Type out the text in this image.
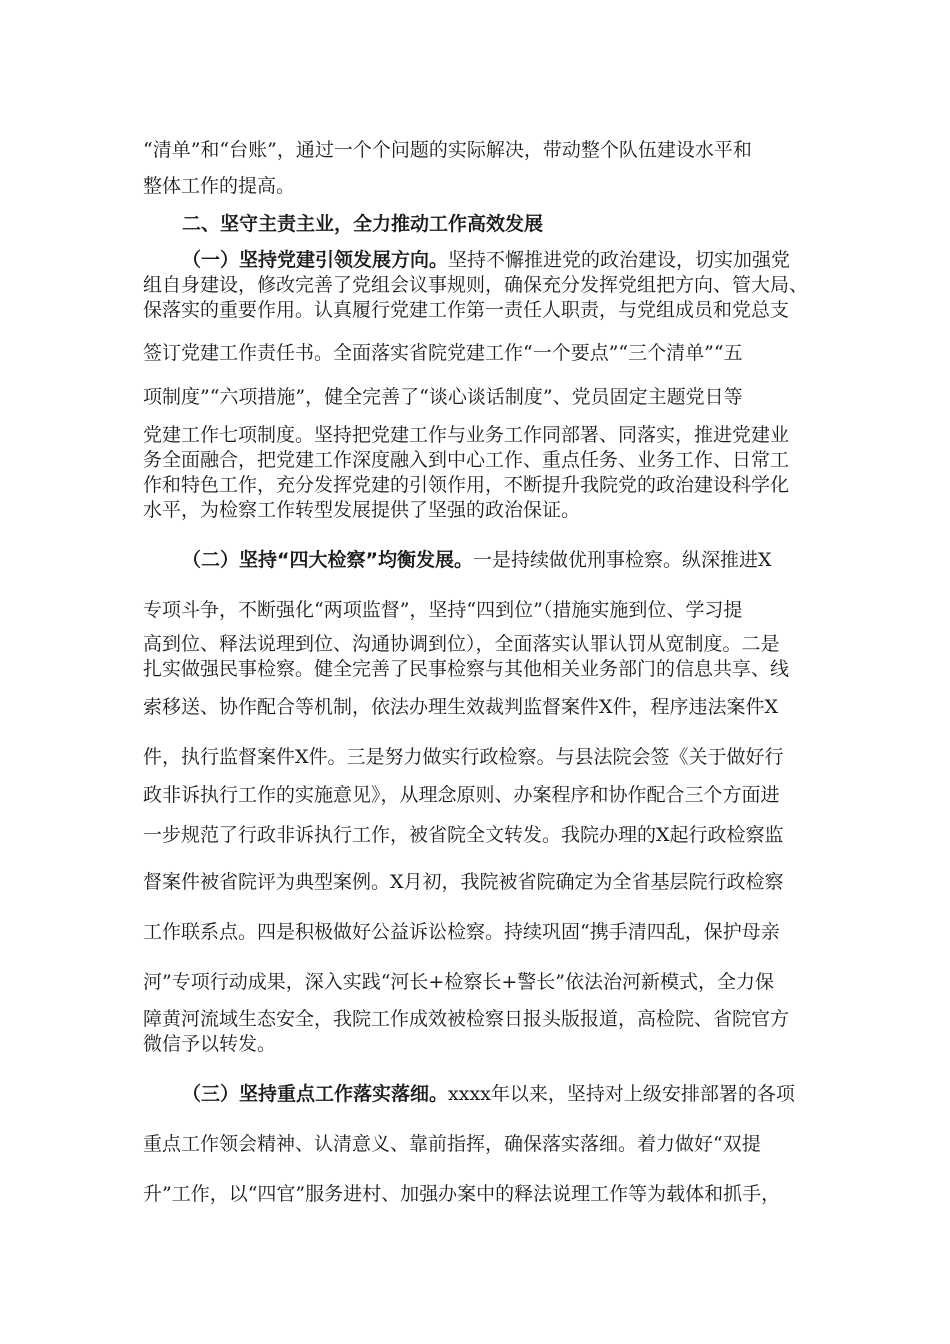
“清单”和“台账”，通过一个个问题的实际解决，带动整个队伍建设水平和
整体工作的提高。
二、坚守主责主业，全力推动工作高效发展
（一）坚持党建引领发展方向。坚持不懈推进党的政治建设，切实加强党
组自身建设，修改完善了党组会议事规则，确保充分发挥党组把方向、管大局、
保落实的重要作用。认真履行党建工作第一责任人职责，与党组成员和党总支
签订党建工作责任书。全面落实省院党建工作“一个要点”“三个清单”“五
项制度”“六项措施”，健全完善了“谈心谈话制度”、党员固定主题党日等
党建工作七项制度。坚持把党建工作与业务工作同部署、同落实，推进党建业
务全面融合，把党建工作深度融入到中心工作、重点任务、业务工作、日常工
作和特色工作，充分发挥党建的引领作用，不断提升我院党的政治建设科学化
水平，为检察工作转型发展提供了坚强的政治保证。
（二）坚持“四大检察”均衡发展。一是持续做优刑事检察。纵深推进X
专项斗争，不断强化“两项监督”，坚持“四到位”（措施实施到位、学习提
高到位、释法说理到位、沟通协调到位），全面落实认罪认罚从宽制度。二是
扎实做强民事检察。健全完善了民事检察与其他相关业务部门的信息共享、线
索移送、协作配合等机制，依法办理生效裁判监督案件X件，程序违法案件X
件，执行监督案件X件。三是努力做实行政检察。与县法院会签《关于做好行
政非诉执行工作的实施意见》，从理念原则、办案程序和协作配合三个方面进
一步规范了行政非诉执行工作，被省院全文转发。我院办理的X起行政检察监
督案件被省院评为典型案例。X月初，我院被省院确定为全省基层院行政检察
工作联系点。四是积极做好公益诉讼检察。持续巩固“携手清四乱，保护母亲
河”专项行动成果，深入实践“河长+检察长+警长”依法治河新模式，全力保
障黄河流域生态安全，我院工作成效被检察日报头版报道，高检院、省院官方
微信予以转发。
（三）坚持重点工作落实落细。xxxx年以来，坚持对上级安排部署的各项
重点工作领会精神、认清意义、靠前指挥，确保落实落细。着力做好“双提
升”工作，以“四官”服务进村、加强办案中的释法说理工作等为载体和抓手，
